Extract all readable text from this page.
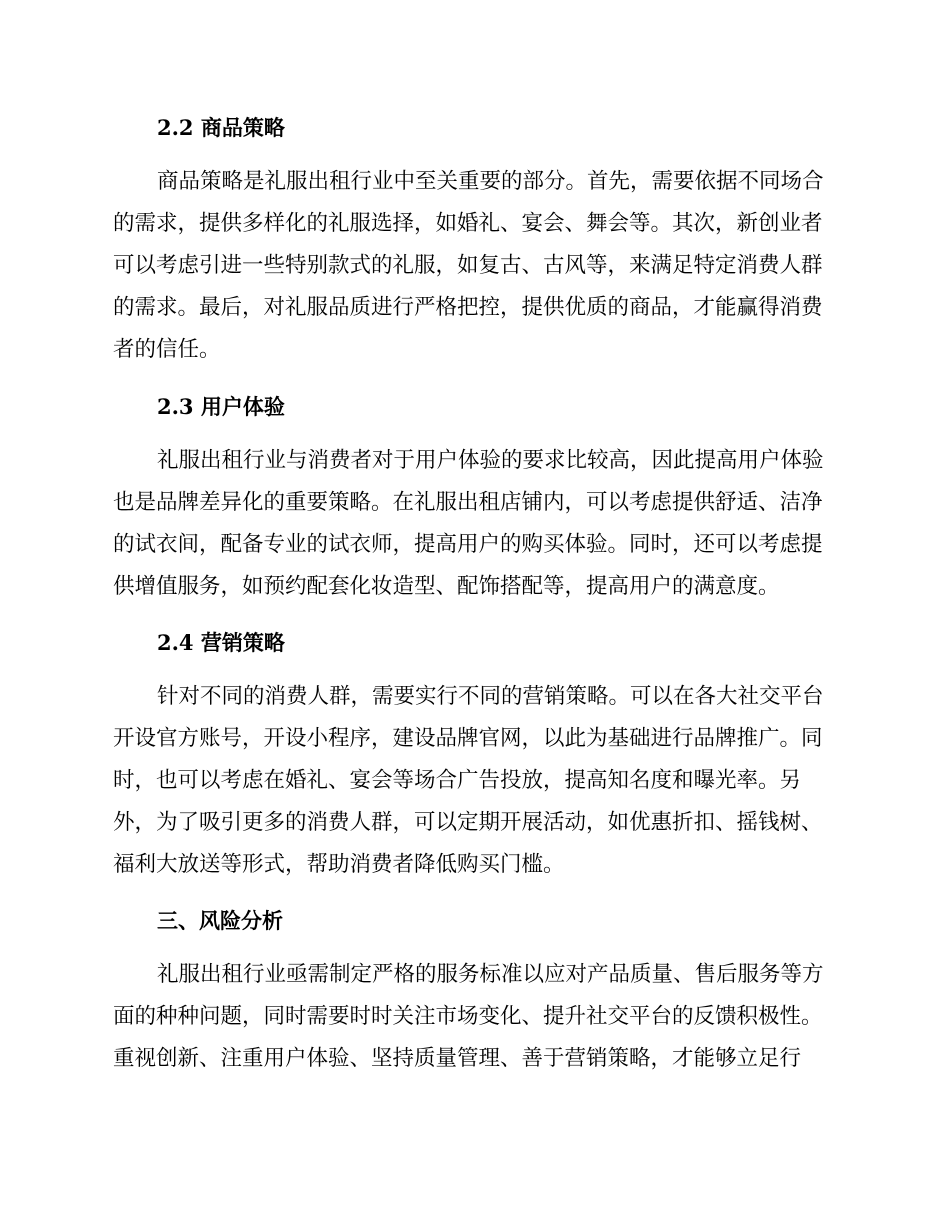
2.2 商品策略
商品策略是礼服出租行业中至关重要的部分。首先，需要依据不同场合
的需求，提供多样化的礼服选择，如婚礼、宴会、舞会等。其次，新创业者
可以考虑引进一些特别款式的礼服，如复古、古风等，来满足特定消费人群
的需求。最后，对礼服品质进行严格把控，提供优质的商品，才能赢得消费
者的信任。
2.3 用户体验
礼服出租行业与消费者对于用户体验的要求比较高，因此提高用户体验
也是品牌差异化的重要策略。在礼服出租店铺内，可以考虑提供舒适、洁净
的试衣间，配备专业的试衣师，提高用户的购买体验。同时，还可以考虑提
供增值服务，如预约配套化妆造型、配饰搭配等，提高用户的满意度。
2.4 营销策略
针对不同的消费人群，需要实行不同的营销策略。可以在各大社交平台
开设官方账号，开设小程序，建设品牌官网，以此为基础进行品牌推广。同
时，也可以考虑在婚礼、宴会等场合广告投放，提高知名度和曝光率。另
外，为了吸引更多的消费人群，可以定期开展活动，如优惠折扣、摇钱树、
福利大放送等形式，帮助消费者降低购买门槛。
三、风险分析
礼服出租行业亟需制定严格的服务标准以应对产品质量、售后服务等方
面的种种问题，同时需要时时关注市场变化、提升社交平台的反馈积极性。
重视创新、注重用户体验、坚持质量管理、善于营销策略，才能够立足行
